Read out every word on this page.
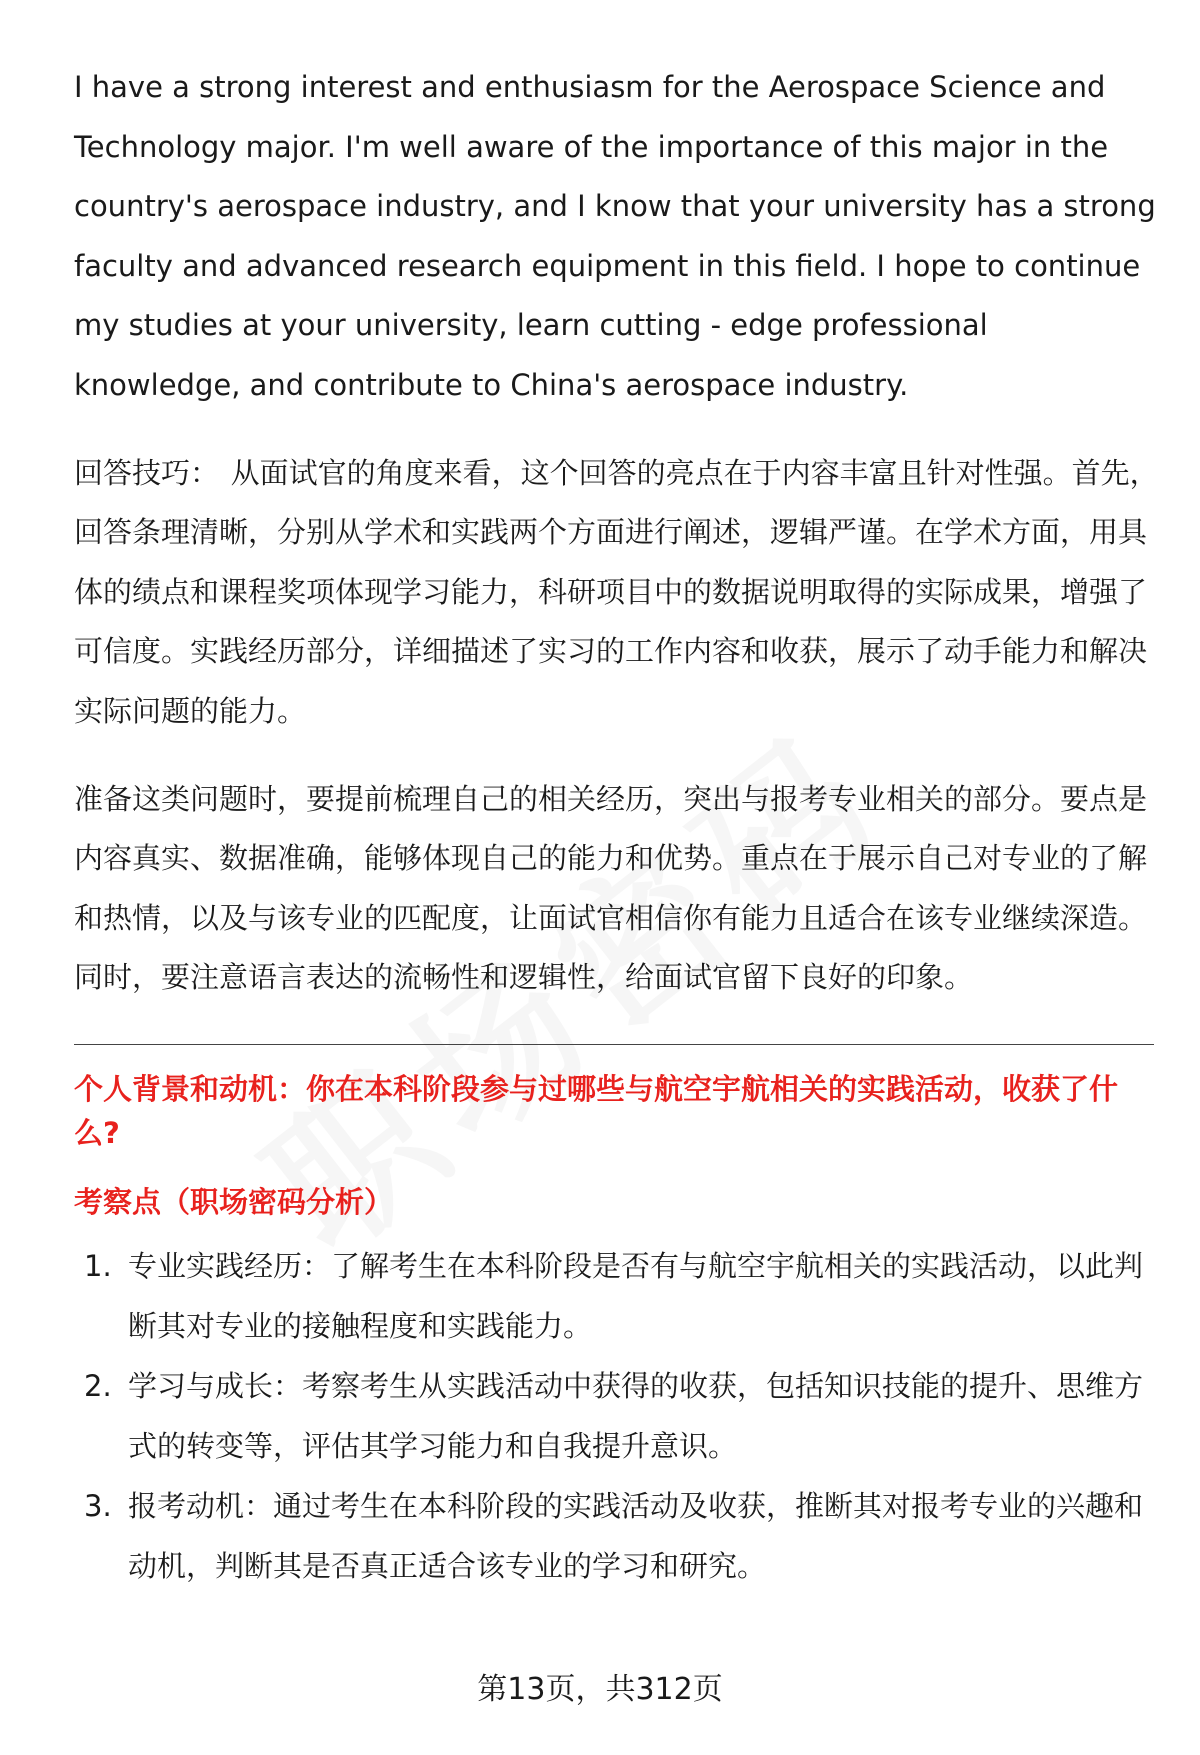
I have a strong interest and enthusiasm for the Aerospace Science and Technology major. I'm well aware of the importance of this major in the country's aerospace industry, and I know that your university has a strong faculty and advanced research equipment in this field. I hope to continue my studies at your university, learn cutting - edge professional knowledge, and contribute to China's aerospace industry.

回答技巧： 从面试官的角度来看，这个回答的亮点在于内容丰富且针对性强。首先，回答条理清晰，分别从学术和实践两个方面进行阐述，逻辑严谨。在学术方面，用具体的绩点和课程奖项体现学习能力，科研项目中的数据说明取得的实际成果，增强了可信度。实践经历部分，详细描述了实习的工作内容和收获，展示了动手能力和解决实际问题的能力。

准备这类问题时，要提前梳理自己的相关经历，突出与报考专业相关的部分。要点是内容真实、数据准确，能够体现自己的能力和优势。重点在于展示自己对专业的了解和热情，以及与该专业的匹配度，让面试官相信你有能力且适合在该专业继续深造。同时，要注意语言表达的流畅性和逻辑性，给面试官留下良好的印象。

个人背景和动机：你在本科阶段参与过哪些与航空宇航相关的实践活动，收获了什么?

考察点（职场密码分析）

1. 专业实践经历：了解考生在本科阶段是否有与航空宇航相关的实践活动，以此判断其对专业的接触程度和实践能力。
2. 学习与成长：考察考生从实践活动中获得的收获，包括知识技能的提升、思维方式的转变等，评估其学习能力和自我提升意识。
3. 报考动机：通过考生在本科阶段的实践活动及收获，推断其对报考专业的兴趣和动机，判断其是否真正适合该专业的学习和研究。
第13页，共312页
